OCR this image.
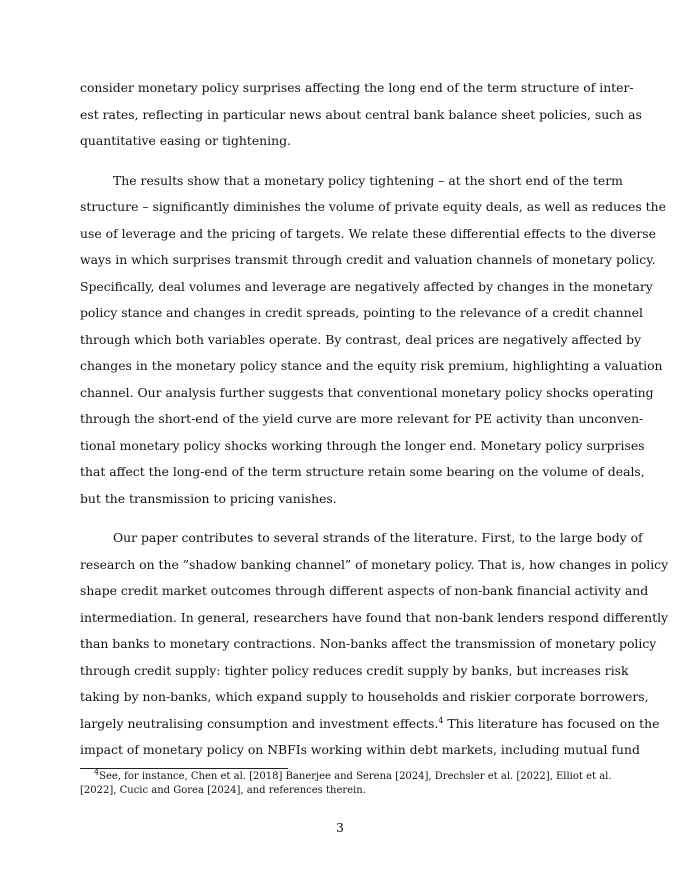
consider monetary policy surprises affecting the long end of the term structure of inter-
est rates, reflecting in particular news about central bank balance sheet policies, such as
quantitative easing or tightening.
The results show that a monetary policy tightening – at the short end of the term
structure – significantly diminishes the volume of private equity deals, as well as reduces the
use of leverage and the pricing of targets. We relate these differential effects to the diverse
ways in which surprises transmit through credit and valuation channels of monetary policy.
Specifically, deal volumes and leverage are negatively affected by changes in the monetary
policy stance and changes in credit spreads, pointing to the relevance of a credit channel
through which both variables operate. By contrast, deal prices are negatively affected by
changes in the monetary policy stance and the equity risk premium, highlighting a valuation
channel. Our analysis further suggests that conventional monetary policy shocks operating
through the short-end of the yield curve are more relevant for PE activity than unconven-
tional monetary policy shocks working through the longer end. Monetary policy surprises
that affect the long-end of the term structure retain some bearing on the volume of deals,
but the transmission to pricing vanishes.
Our paper contributes to several strands of the literature. First, to the large body of
research on the ”shadow banking channel” of monetary policy. That is, how changes in policy
shape credit market outcomes through different aspects of non-bank financial activity and
intermediation. In general, researchers have found that non-bank lenders respond differently
than banks to monetary contractions. Non-banks affect the transmission of monetary policy
through credit supply: tighter policy reduces credit supply by banks, but increases risk
taking by non-banks, which expand supply to households and riskier corporate borrowers,
largely neutralising consumption and investment effects.$^4$ This literature has focused on the
impact of monetary policy on NBFIs working within debt markets, including mutual fund
$^4$See, for instance, Chen et al. [2018] Banerjee and Serena [2024], Drechsler et al. [2022], Elliot et al.
[2022], Cucic and Gorea [2024], and references therein.
3
